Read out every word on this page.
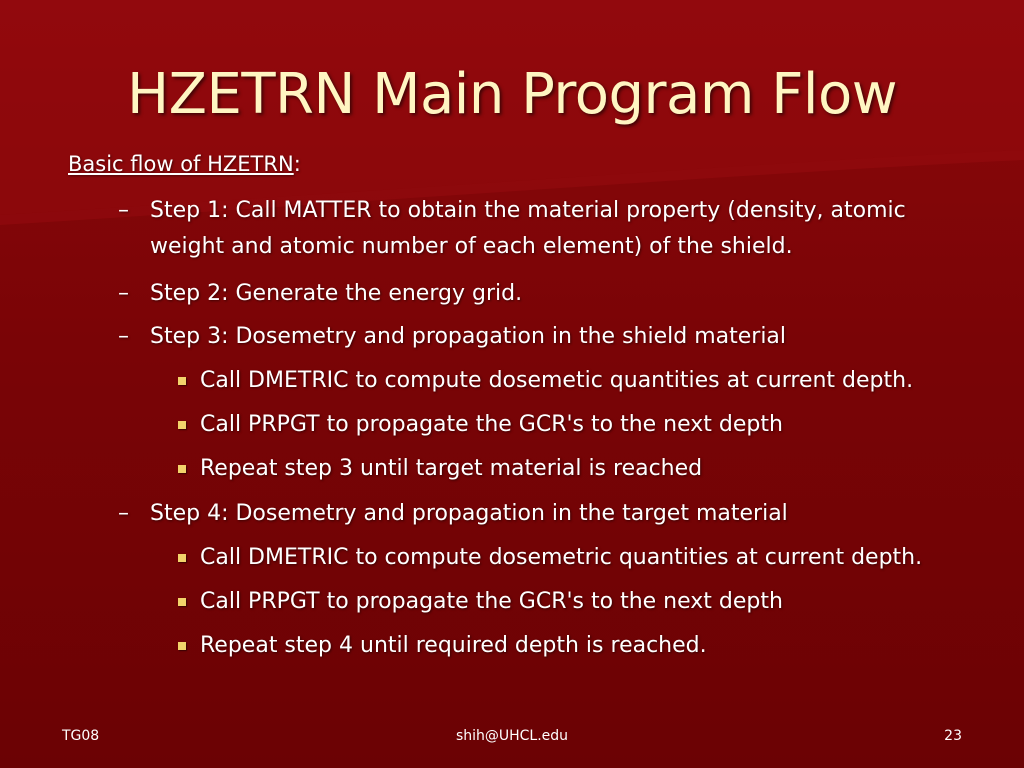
HZETRN Main Program Flow
Basic flow of HZETRN:
– Step 1: Call MATTER to obtain the material property (density, atomic
weight and atomic number of each element) of the shield.
– Step 2: Generate the energy grid.
– Step 3: Dosemetry and propagation in the shield material
Call DMETRIC to compute dosemetic quantities at current depth.
Call PRPGT to propagate the GCR's to the next depth
Repeat step 3 until target material is reached
– Step 4: Dosemetry and propagation in the target material
Call DMETRIC to compute dosemetric quantities at current depth.
Call PRPGT to propagate the GCR's to the next depth
Repeat step 4 until required depth is reached.
TG08	shih@UHCL.edu	23
